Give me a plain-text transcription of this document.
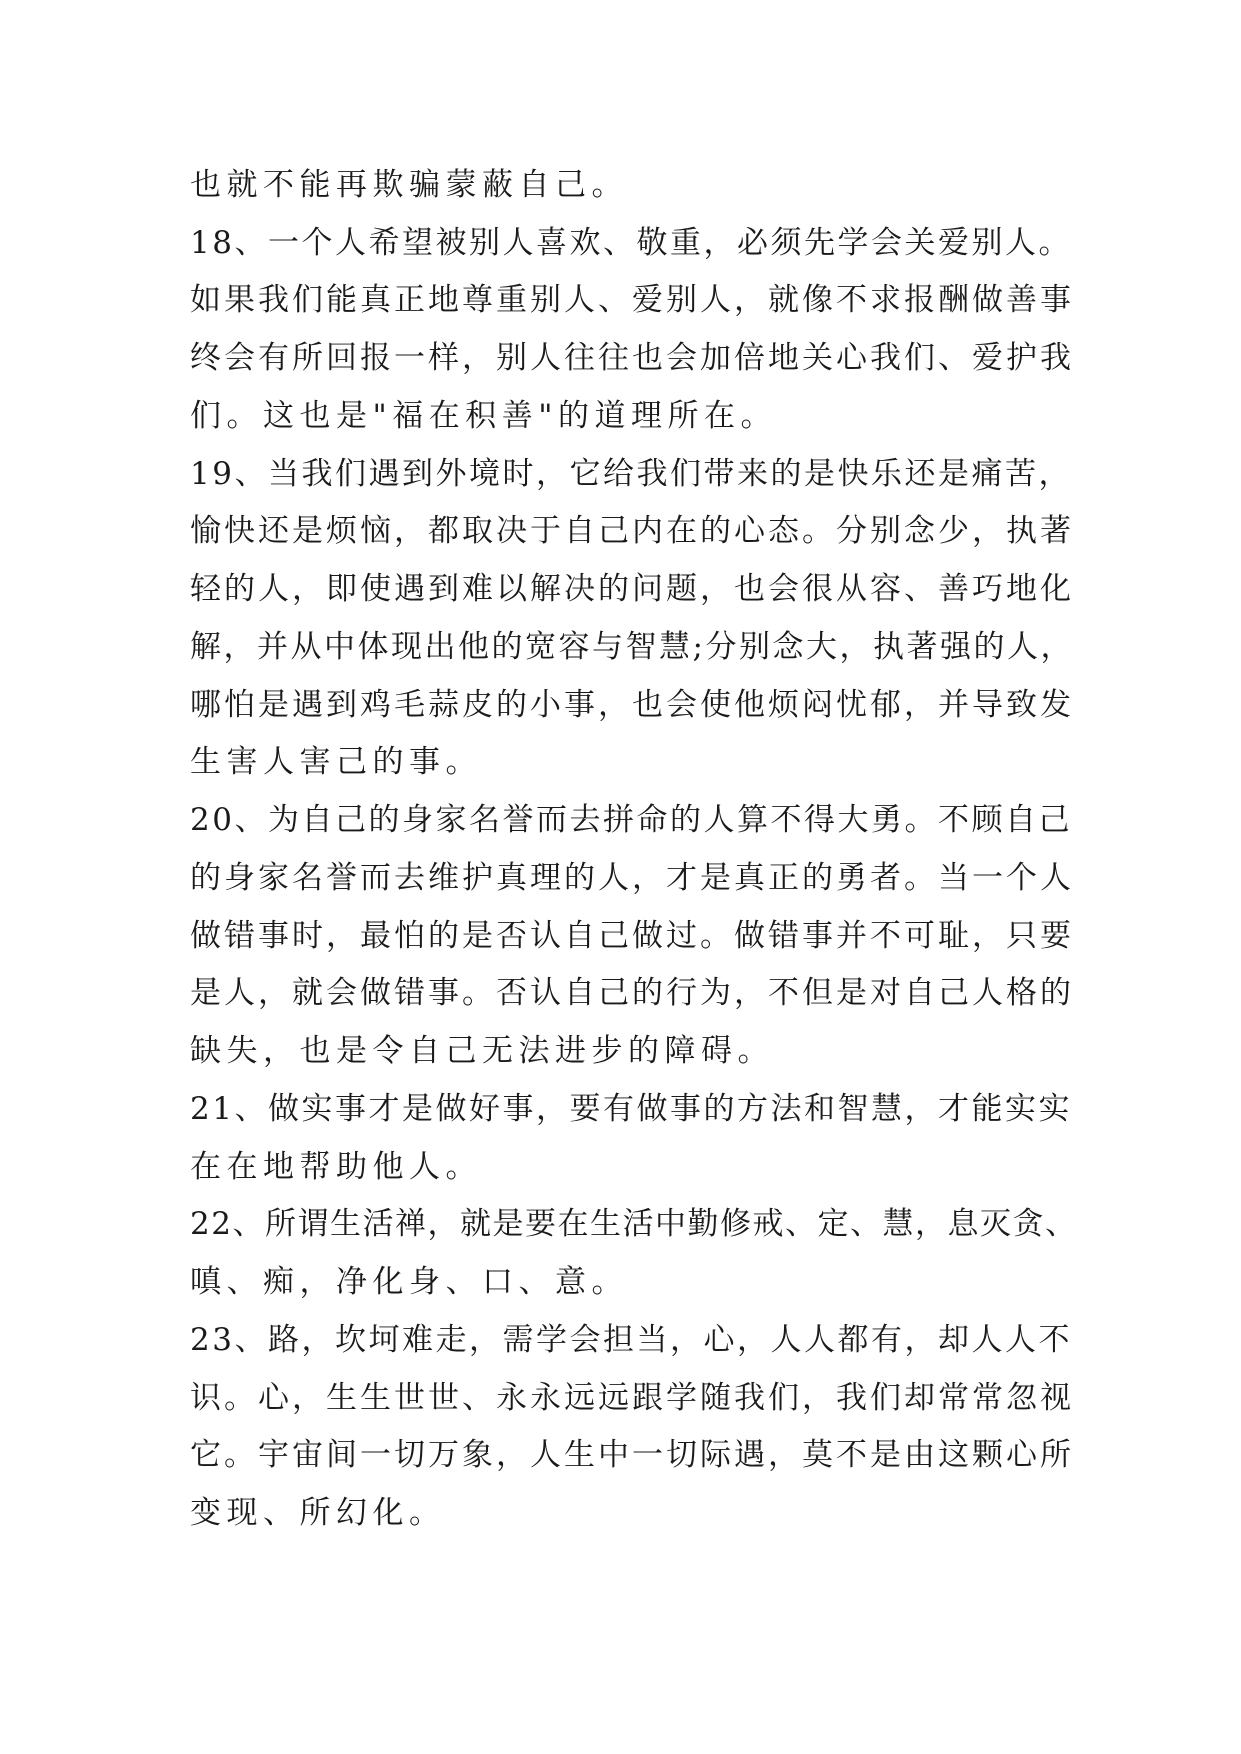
也就不能再欺骗蒙蔽自己。
18、一个人希望被别人喜欢、敬重，必须先学会关爱别人。
如果我们能真正地尊重别人、爱别人，就像不求报酬做善事
终会有所回报一样，别人往往也会加倍地关心我们、爱护我
们。这也是"福在积善"的道理所在。
19、当我们遇到外境时，它给我们带来的是快乐还是痛苦，
愉快还是烦恼，都取决于自己内在的心态。分别念少，执著
轻的人，即使遇到难以解决的问题，也会很从容、善巧地化
解，并从中体现出他的宽容与智慧;分别念大，执著强的人，
哪怕是遇到鸡毛蒜皮的小事，也会使他烦闷忧郁，并导致发
生害人害己的事。
20、为自己的身家名誉而去拼命的人算不得大勇。不顾自己
的身家名誉而去维护真理的人，才是真正的勇者。当一个人
做错事时，最怕的是否认自己做过。做错事并不可耻，只要
是人，就会做错事。否认自己的行为，不但是对自己人格的
缺失，也是令自己无法进步的障碍。
21、做实事才是做好事，要有做事的方法和智慧，才能实实
在在地帮助他人。
22、所谓生活禅，就是要在生活中勤修戒、定、慧，息灭贪、
嗔、痴，净化身、口、意。
23、路，坎坷难走，需学会担当，心，人人都有，却人人不
识。心，生生世世、永永远远跟学随我们，我们却常常忽视
它。宇宙间一切万象，人生中一切际遇，莫不是由这颗心所
变现、所幻化。
